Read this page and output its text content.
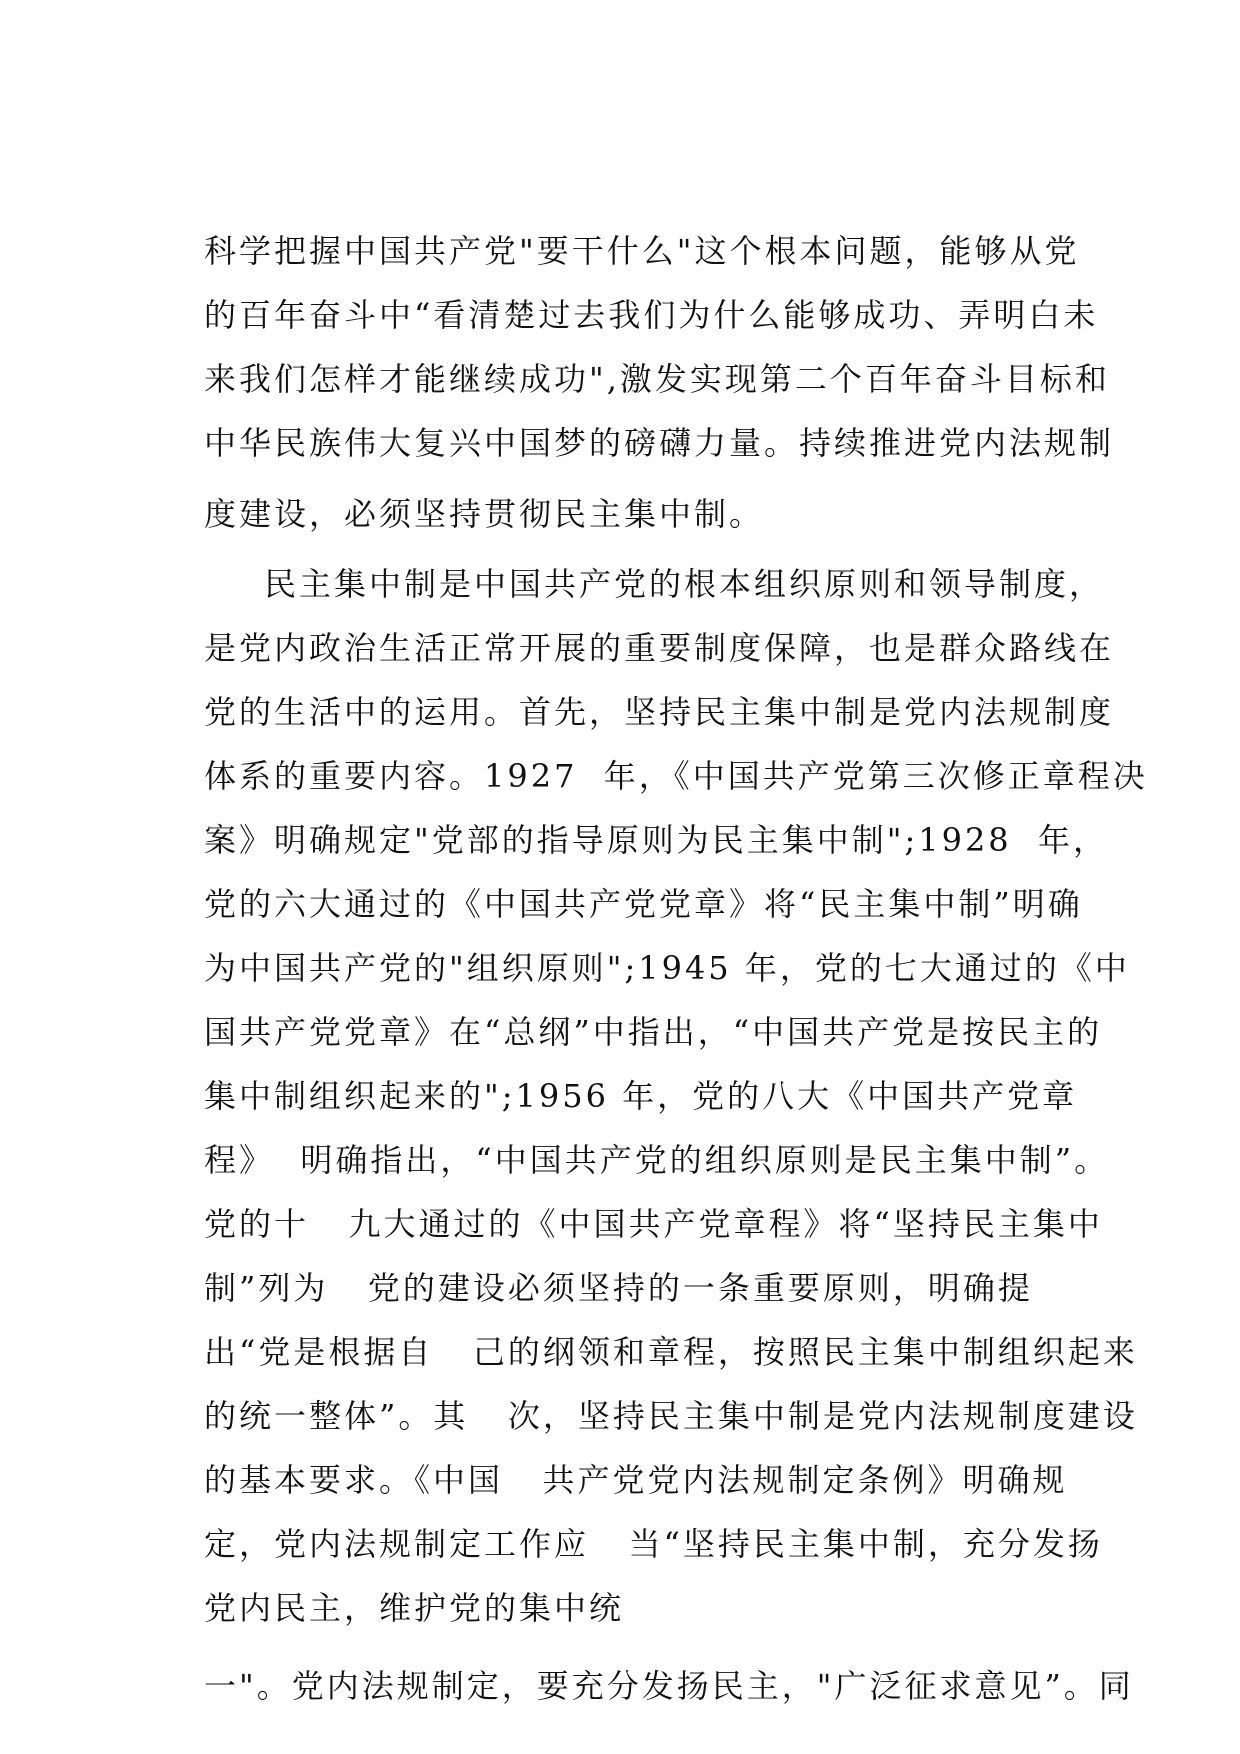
科学把握中国共产党"要干什么"这个根本问题，能够从党
的百年奋斗中“看清楚过去我们为什么能够成功、弄明白未
来我们怎样才能继续成功",激发实现第二个百年奋斗目标和
中华民族伟大复兴中国梦的磅礴力量。持续推进党内法规制
度建设，必须坚持贯彻民主集中制。
民主集中制是中国共产党的根本组织原则和领导制度，
是党内政治生活正常开展的重要制度保障，也是群众路线在
党的生活中的运用。首先，坚持民主集中制是党内法规制度
体系的重要内容。1927  年，《中国共产党第三次修正章程决
案》明确规定"党部的指导原则为民主集中制";1928  年，
党的六大通过的《中国共产党党章》将“民主集中制”明确
为中国共产党的"组织原则";1945 年，党的七大通过的《中
国共产党党章》在“总纲”中指出，“中国共产党是按民主的
集中制组织起来的";1956 年，党的八大《中国共产党章
程》  明确指出，“中国共产党的组织原则是民主集中制”。
党的十   九大通过的《中国共产党章程》将“坚持民主集中
制”列为   党的建设必须坚持的一条重要原则，明确提
出“党是根据自   己的纲领和章程，按照民主集中制组织起来
的统一整体”。其   次，坚持民主集中制是党内法规制度建设
的基本要求。《中国   共产党党内法规制定条例》明确规
定，党内法规制定工作应   当“坚持民主集中制，充分发扬
党内民主，维护党的集中统
一"。党内法规制定，要充分发扬民主，"广泛征求意见”。同
